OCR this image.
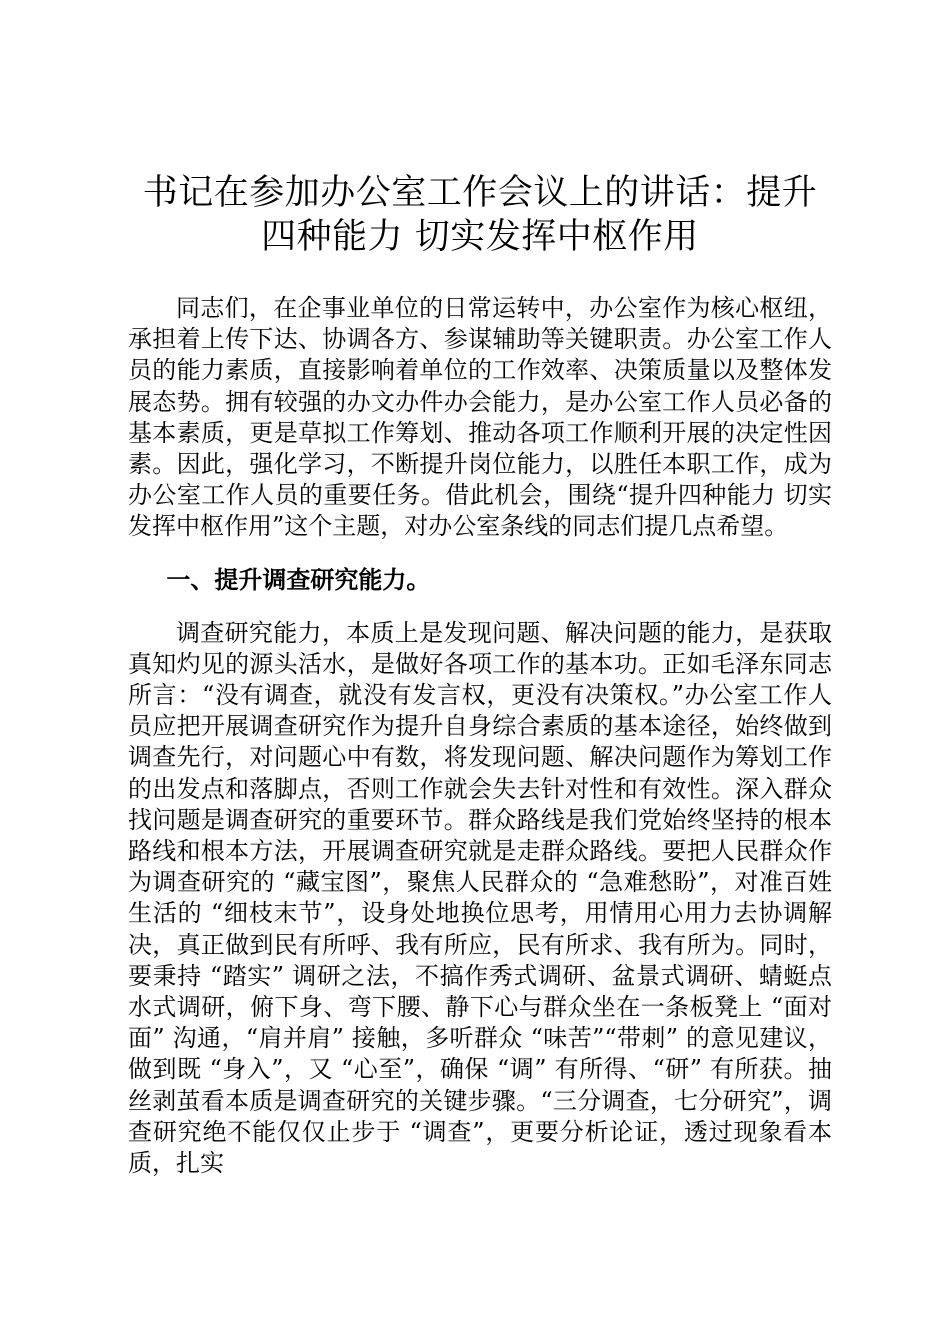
书记在参加办公室工作会议上的讲话：提升四种能力 切实发挥中枢作用

同志们，在企事业单位的日常运转中，办公室作为核心枢纽，承担着上传下达、协调各方、参谋辅助等关键职责。办公室工作人员的能力素质，直接影响着单位的工作效率、决策质量以及整体发展态势。拥有较强的办文办件办会能力，是办公室工作人员必备的基本素质，更是草拟工作筹划、推动各项工作顺利开展的决定性因素。因此，强化学习，不断提升岗位能力，以胜任本职工作，成为办公室工作人员的重要任务。借此机会，围绕“提升四种能力 切实发挥中枢作用”这个主题，对办公室条线的同志们提几点希望。

一、提升调查研究能力。

调查研究能力，本质上是发现问题、解决问题的能力，是获取真知灼见的源头活水，是做好各项工作的基本功。正如毛泽东同志所言：“没有调查，就没有发言权，更没有决策权。”办公室工作人员应把开展调查研究作为提升自身综合素质的基本途径，始终做到调查先行，对问题心中有数，将发现问题、解决问题作为筹划工作的出发点和落脚点，否则工作就会失去针对性和有效性。深入群众找问题是调查研究的重要环节。群众路线是我们党始终坚持的根本路线和根本方法，开展调查研究就是走群众路线。要把人民群众作为调查研究的 “藏宝图”，聚焦人民群众的 “急难愁盼”，对准百姓生活的 “细枝末节”，设身处地换位思考，用情用心用力去协调解决，真正做到民有所呼、我有所应，民有所求、我有所为。同时，要秉持 “踏实” 调研之法，不搞作秀式调研、盆景式调研、蜻蜓点水式调研，俯下身、弯下腰、静下心与群众坐在一条板凳上 “面对面” 沟通，“肩并肩” 接触，多听群众 “味苦”“带刺” 的意见建议，做到既 “身入”，又 “心至”，确保 “调” 有所得、“研” 有所获。抽丝剥茧看本质是调查研究的关键步骤。“三分调查，七分研究”，调查研究绝不能仅仅止步于 “调查”，更要分析论证，透过现象看本质，扎实
